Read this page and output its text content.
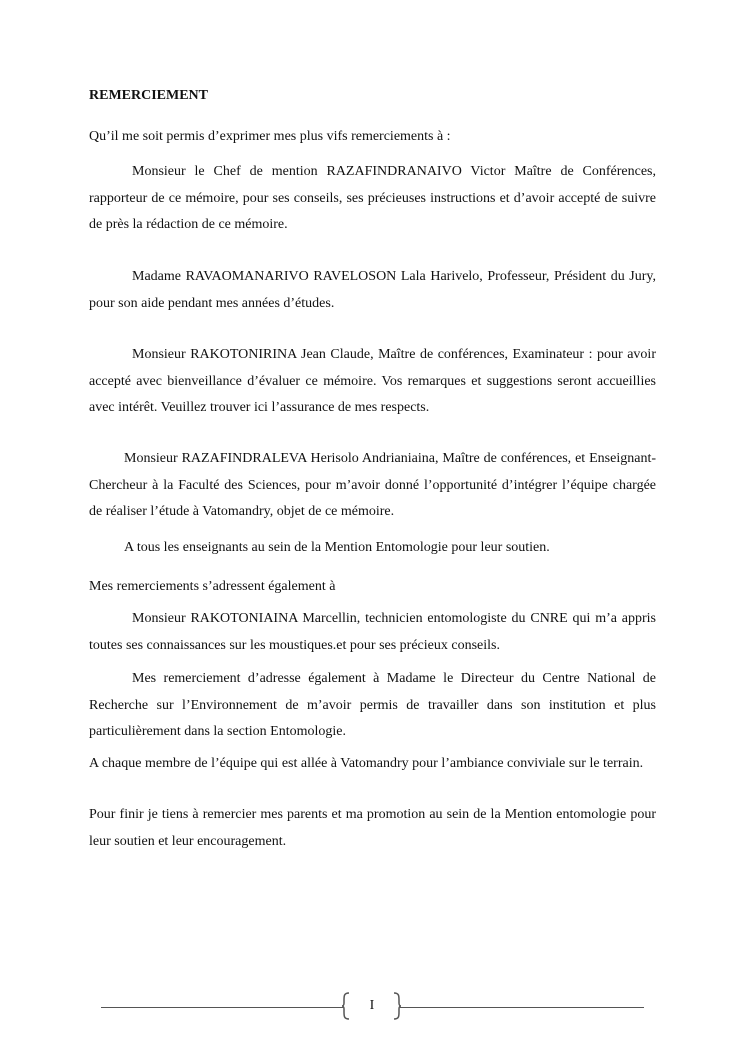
REMERCIEMENT

Qu’il me soit permis d’exprimer mes plus vifs remerciements à :

Monsieur le Chef de mention RAZAFINDRANAIVO Victor Maître de Conférences, rapporteur de ce mémoire, pour ses conseils, ses précieuses instructions et d’avoir accepté de suivre de près la rédaction de ce mémoire.

Madame RAVAOMANARIVO RAVELOSON Lala Harivelo, Professeur, Président du Jury, pour son aide pendant mes années d’études.

Monsieur RAKOTONIRINA Jean Claude, Maître de conférences, Examinateur : pour avoir accepté avec bienveillance d’évaluer ce mémoire. Vos remarques et suggestions seront accueillies avec intérêt. Veuillez trouver ici l’assurance de mes respects.

Monsieur RAZAFINDRALEVA Herisolo Andrianiaina, Maître de conférences, et Enseignant-Chercheur à la Faculté des Sciences, pour m’avoir donné l’opportunité d’intégrer l’équipe chargée de réaliser l’étude à Vatomandry, objet de ce mémoire.

A tous les enseignants au sein de la Mention Entomologie pour leur soutien.

Mes remerciements s’adressent également à

Monsieur RAKOTONIAINA Marcellin, technicien entomologiste du CNRE qui m’a appris toutes ses connaissances sur les moustiques.et pour ses précieux conseils.

Mes remerciement d’adresse également à Madame le Directeur du Centre National de Recherche sur l’Environnement de m’avoir permis de travailler dans son institution et plus particulièrement dans la section Entomologie.

A chaque membre de l’équipe qui est allée à Vatomandry pour l’ambiance conviviale sur le terrain.

Pour finir je tiens à remercier mes parents et ma promotion au sein de la Mention entomologie pour leur soutien et leur encouragement.

I
